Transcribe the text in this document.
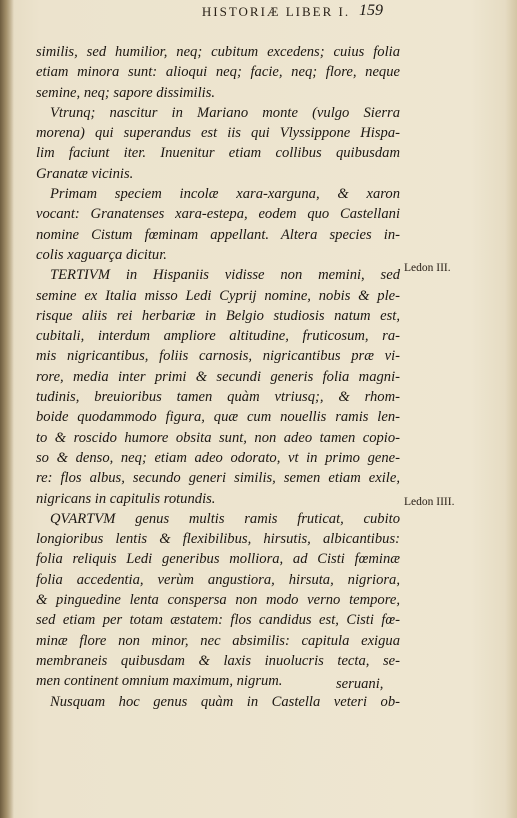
HISTORIÆ LIBER I. 159
similis, sed humilior, neq; cubitum excedens; cuius folia
etiam minora sunt: alioqui neq; facie, neq; flore, neque
semine, neq; sapore dissimilis.
Vtrunq; nascitur in Mariano monte (vulgo Sierra
morena) qui superandus est iis qui Vlyssippone Hispa-
lim faciunt iter. Inuenitur etiam collibus quibusdam
Granatæ vicinis.
Primam speciem incolæ xara-xarguna, & xaron
vocant: Granatenses xara-estepa, eodem quo Castellani
nomine Cistum fœminam appellant. Altera species in-
colis xaguarça dicitur.
TERTIVM in Hispaniis vidisse non memini, sed
semine ex Italia misso Ledi Cyprij nomine, nobis & ple-
risque aliis rei herbariæ in Belgio studiosis natum est,
cubitali, interdum ampliore altitudine, fruticosum, ra-
mis nigricantibus, foliis carnosis, nigricantibus præ vi-
rore, media inter primi & secundi generis folia magni-
tudinis, breuioribus tamen quàm vtriusq;, & rhom-
boide quodammodo figura, quæ cum nouellis ramis len-
to & roscido humore obsita sunt, non adeo tamen copio-
so & denso, neq; etiam adeo odorato, vt in primo gene-
re: flos albus, secundo generi similis, semen etiam exile,
nigricans in capitulis rotundis.
QVARTVM genus multis ramis fruticat, cubito
longioribus lentis & flexibilibus, hirsutis, albicantibus:
folia reliquis Ledi generibus molliora, ad Cisti fœminæ
folia accedentia, verùm angustiora, hirsuta, nigriora,
& pinguedine lenta conspersa non modo verno tempore,
sed etiam per totam æstatem: flos candidus est, Cisti fœ-
minæ flore non minor, nec absimilis: capitula exigua
membraneis quibusdam & laxis inuolucris tecta, se-
men continent omnium maximum, nigrum.
Nusquam hoc genus quàm in Castella veteri ob-
Ledon III.
Ledon IIII.
seruani,
